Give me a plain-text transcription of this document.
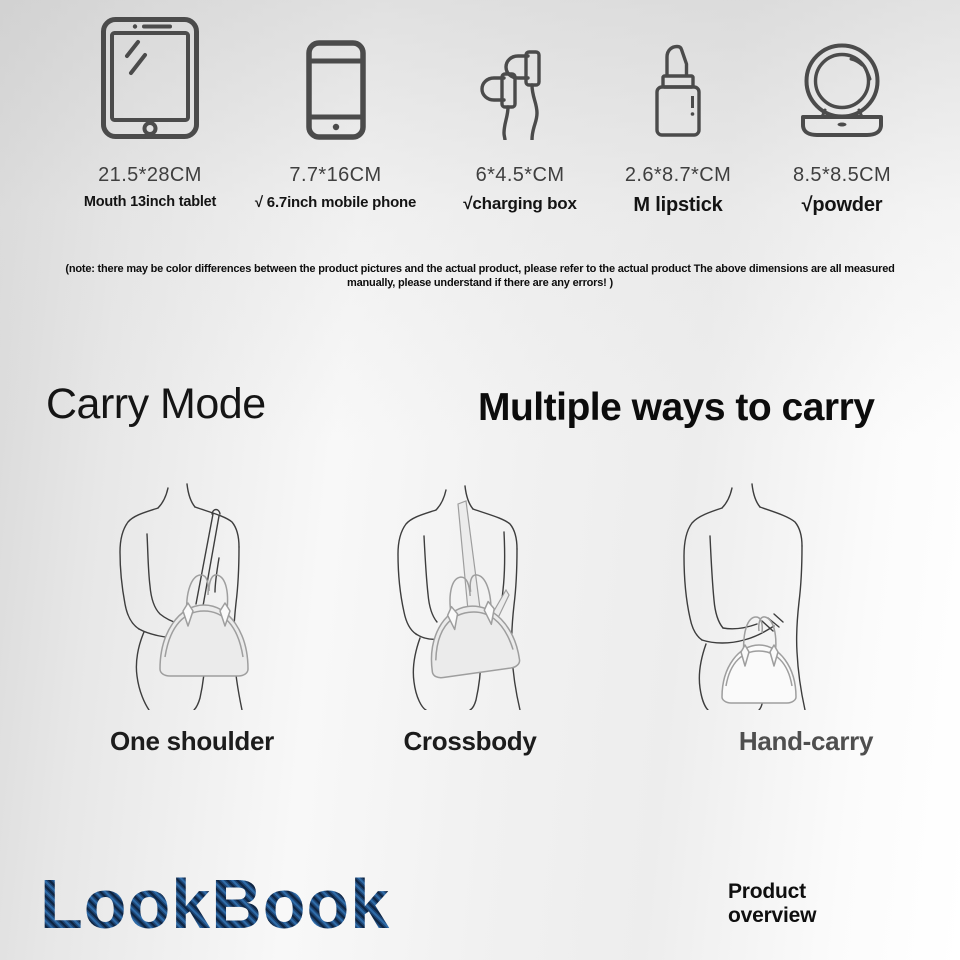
21.5*28CM
Mouth 13inch tablet
7.7*16CM
√ 6.7inch mobile phone
6*4.5*CM
√charging box
2.6*8.7*CM
M lipstick
8.5*8.5CM
√powder
(note: there may be color differences between the product pictures and the actual product, please refer to the actual product The above dimensions are all measured
manually, please understand if there are any errors! )
Carry Mode	Multiple ways to carry
One shoulder	Crossbody	Hand-carry
LookBook	Product
overview
